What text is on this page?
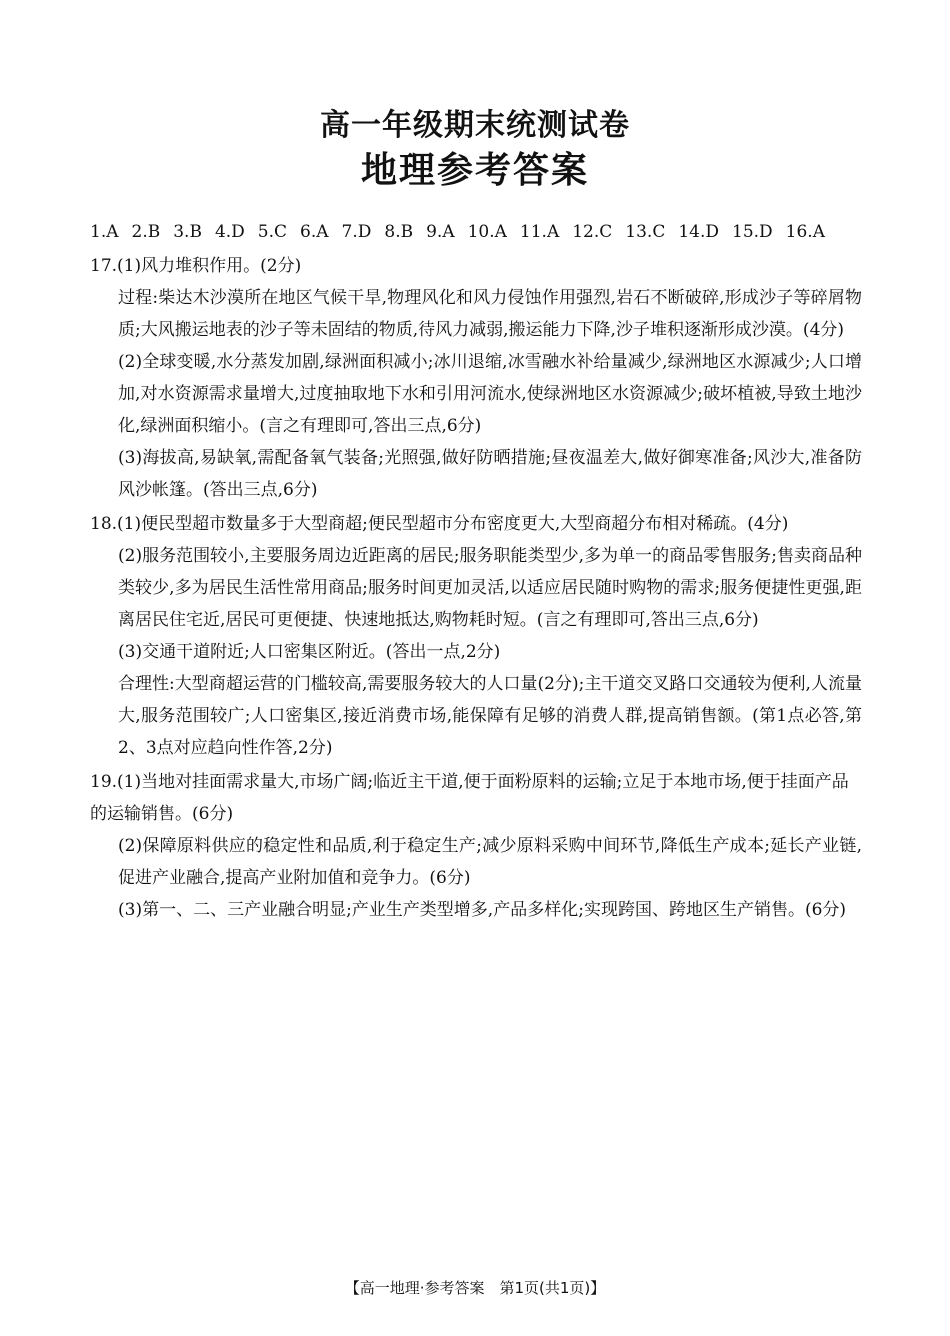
高一年级期末统测试卷
地理参考答案
1.A 2.B 3.B 4.D 5.C 6.A 7.D 8.B 9.A 10.A 11.A 12.C 13.C 14.D 15.D 16.A
17.(1)风力堆积作用。(2分)
过程:柴达木沙漠所在地区气候干旱,物理风化和风力侵蚀作用强烈,岩石不断破碎,形成沙子等碎屑物质;大风搬运地表的沙子等未固结的物质,待风力减弱,搬运能力下降,沙子堆积逐渐形成沙漠。(4分)
(2)全球变暖,水分蒸发加剧,绿洲面积减小;冰川退缩,冰雪融水补给量减少,绿洲地区水源减少;人口增加,对水资源需求量增大,过度抽取地下水和引用河流水,使绿洲地区水资源减少;破坏植被,导致土地沙化,绿洲面积缩小。(言之有理即可,答出三点,6分)
(3)海拔高,易缺氧,需配备氧气装备;光照强,做好防晒措施;昼夜温差大,做好御寒准备;风沙大,准备防风沙帐篷。(答出三点,6分)
18.(1)便民型超市数量多于大型商超;便民型超市分布密度更大,大型商超分布相对稀疏。(4分)
(2)服务范围较小,主要服务周边近距离的居民;服务职能类型少,多为单一的商品零售服务;售卖商品种类较少,多为居民生活性常用商品;服务时间更加灵活,以适应居民随时购物的需求;服务便捷性更强,距离居民住宅近,居民可更便捷、快速地抵达,购物耗时短。(言之有理即可,答出三点,6分)
(3)交通干道附近;人口密集区附近。(答出一点,2分)
合理性:大型商超运营的门槛较高,需要服务较大的人口量(2分);主干道交叉路口交通较为便利,人流量大,服务范围较广;人口密集区,接近消费市场,能保障有足够的消费人群,提高销售额。(第1点必答,第2、3点对应趋向性作答,2分)
19.(1)当地对挂面需求量大,市场广阔;临近主干道,便于面粉原料的运输;立足于本地市场,便于挂面产品的运输销售。(6分)
(2)保障原料供应的稳定性和品质,利于稳定生产;减少原料采购中间环节,降低生产成本;延长产业链,促进产业融合,提高产业附加值和竞争力。(6分)
(3)第一、二、三产业融合明显;产业生产类型增多,产品多样化;实现跨国、跨地区生产销售。(6分)
【高一地理·参考答案　第1页(共1页)】
